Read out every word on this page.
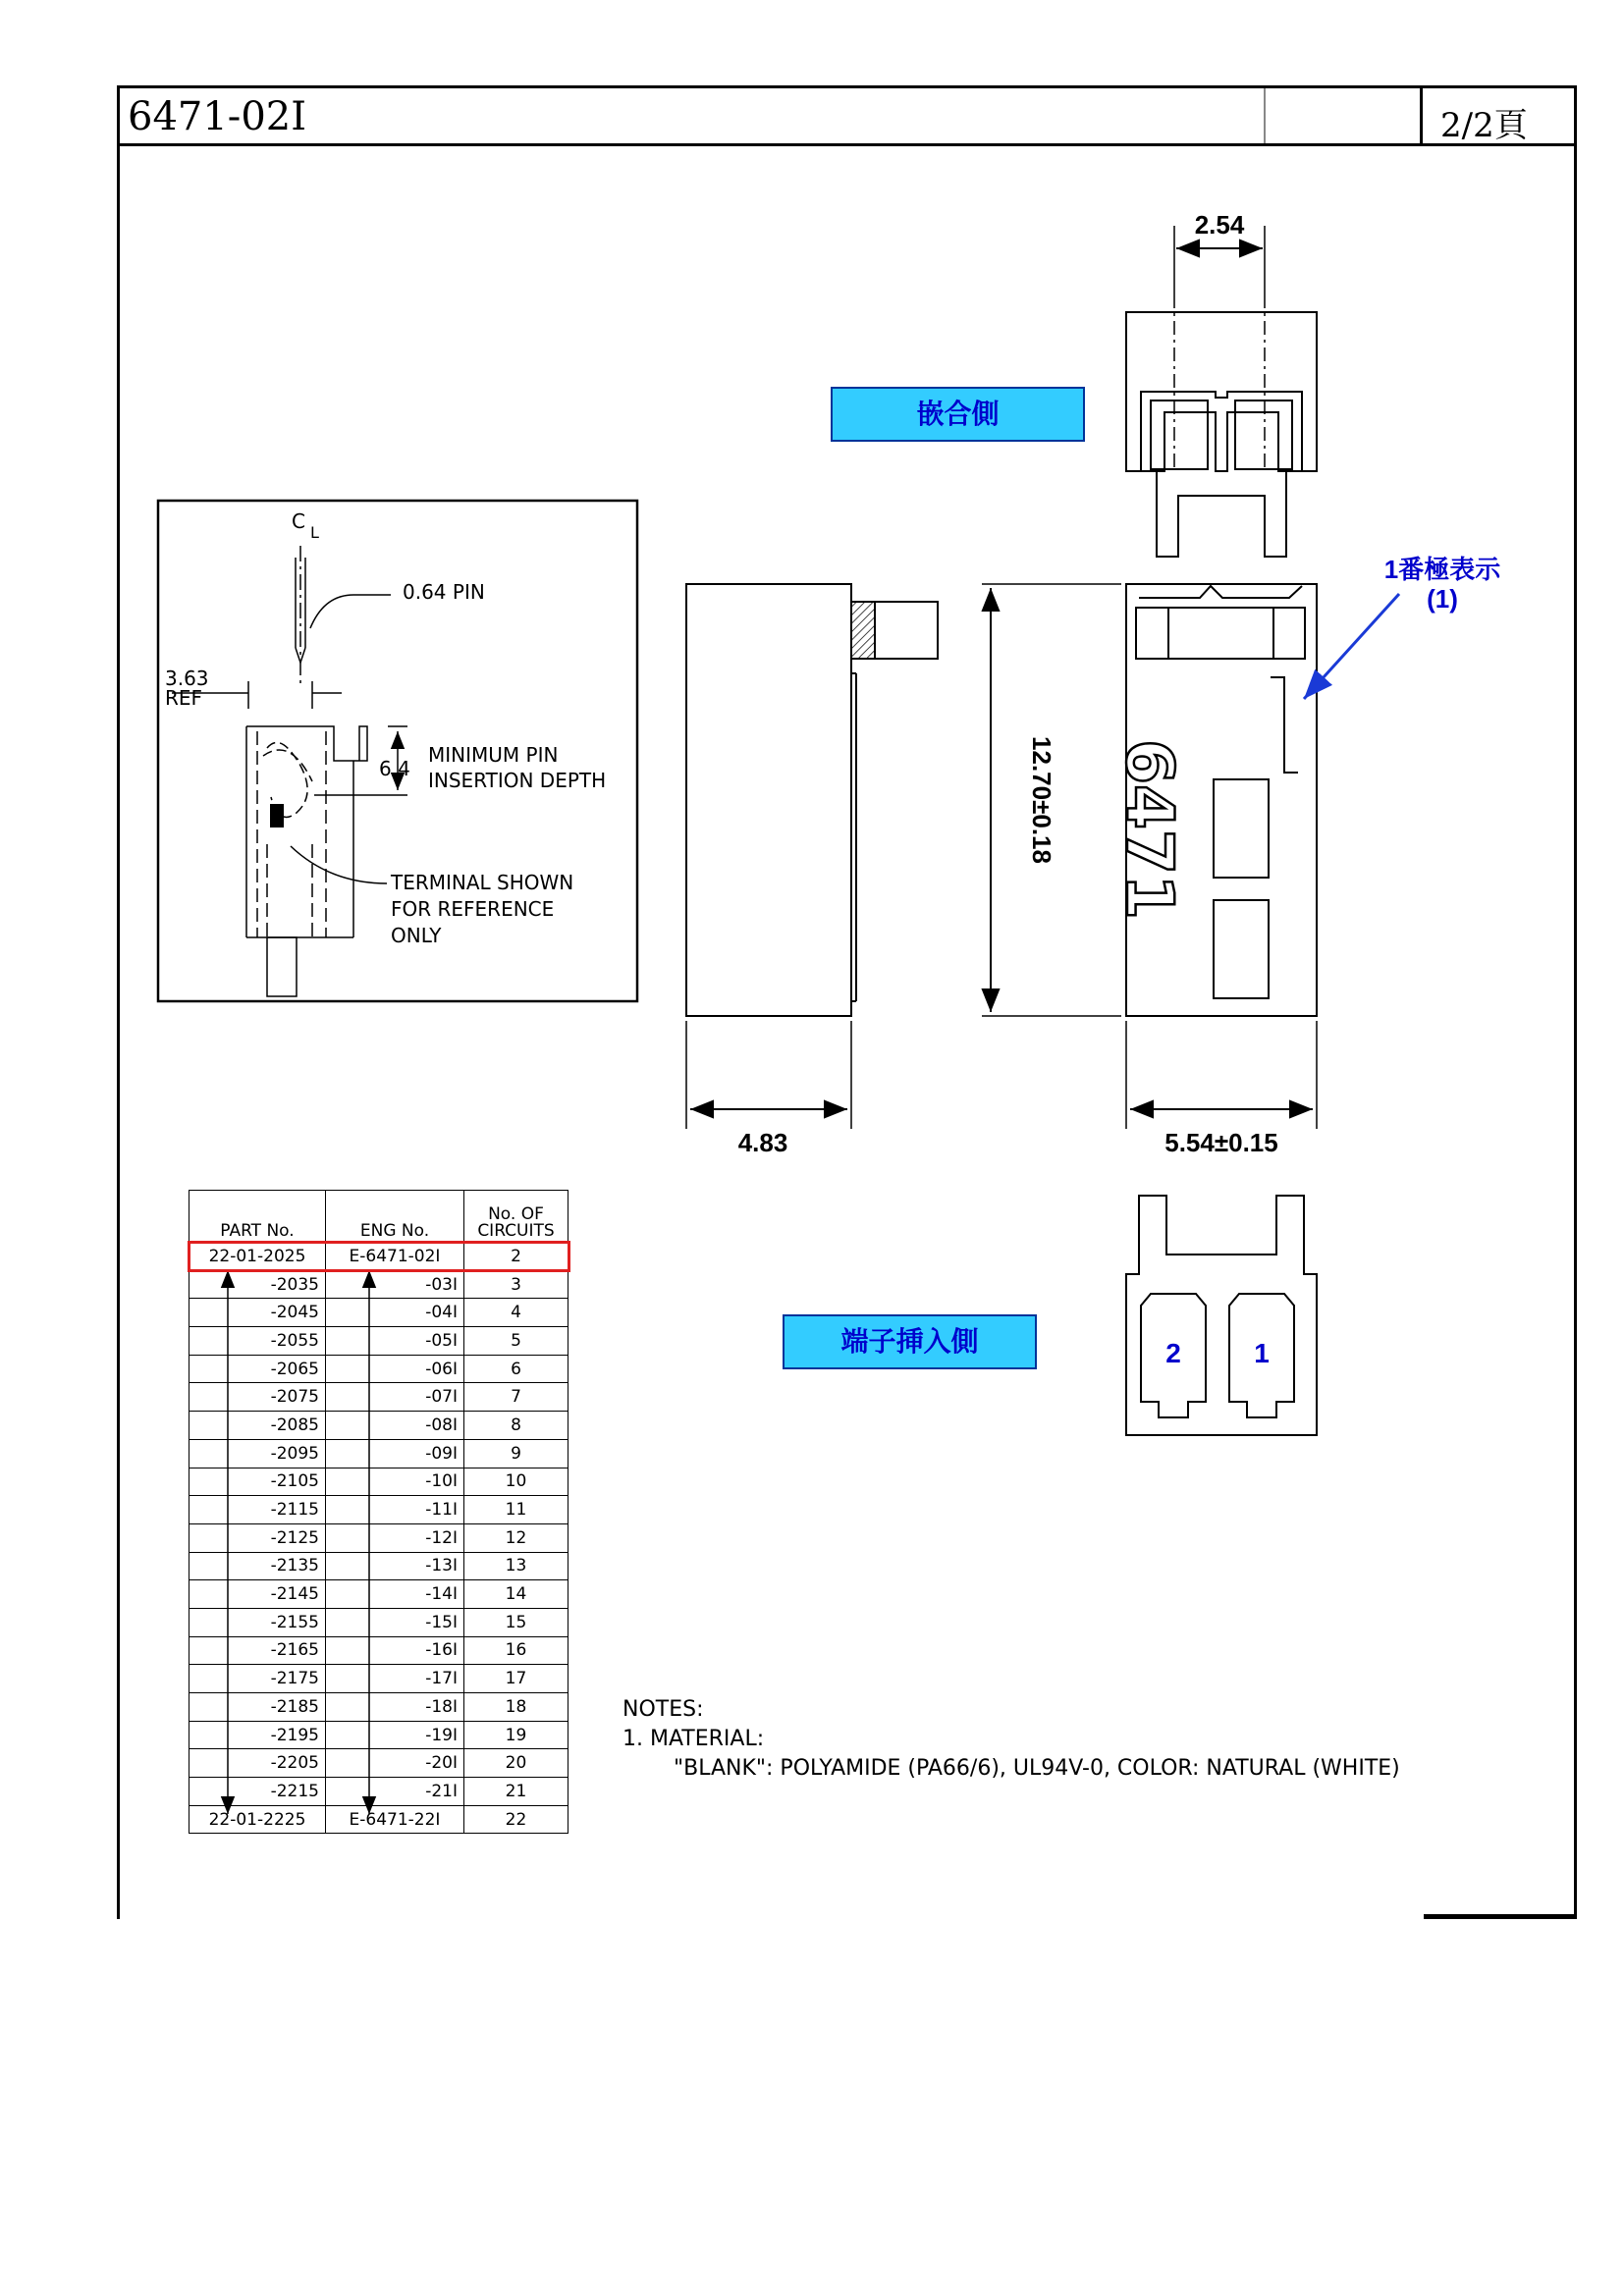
6471-02I	2/2頁
2.54
6471
12.70±0.18
5.54±0.15
4.83
2	1
C L
0.64 PIN
3.63
REF
6.4
MINIMUM PIN
INSERTION DEPTH
TERMINAL SHOWN
FOR REFERENCE
ONLY
嵌合側
端子挿入側
1番極表示
(1)
PART No.	ENG No.	No. OF CIRCUITS
22-01-2025	E-6471-02I	2
-2035	-03I	3
-2045	-04I	4
-2055	-05I	5
-2065	-06I	6
-2075	-07I	7
-2085	-08I	8
-2095	-09I	9
-2105	-10I	10
-2115	-11I	11
-2125	-12I	12
-2135	-13I	13
-2145	-14I	14
-2155	-15I	15
-2165	-16I	16
-2175	-17I	17
-2185	-18I	18
-2195	-19I	19
-2205	-20I	20
-2215	-21I	21
22-01-2225	E-6471-22I	22
NOTES:
1. MATERIAL:
"BLANK": POLYAMIDE (PA66/6), UL94V-0, COLOR: NATURAL (WHITE)
